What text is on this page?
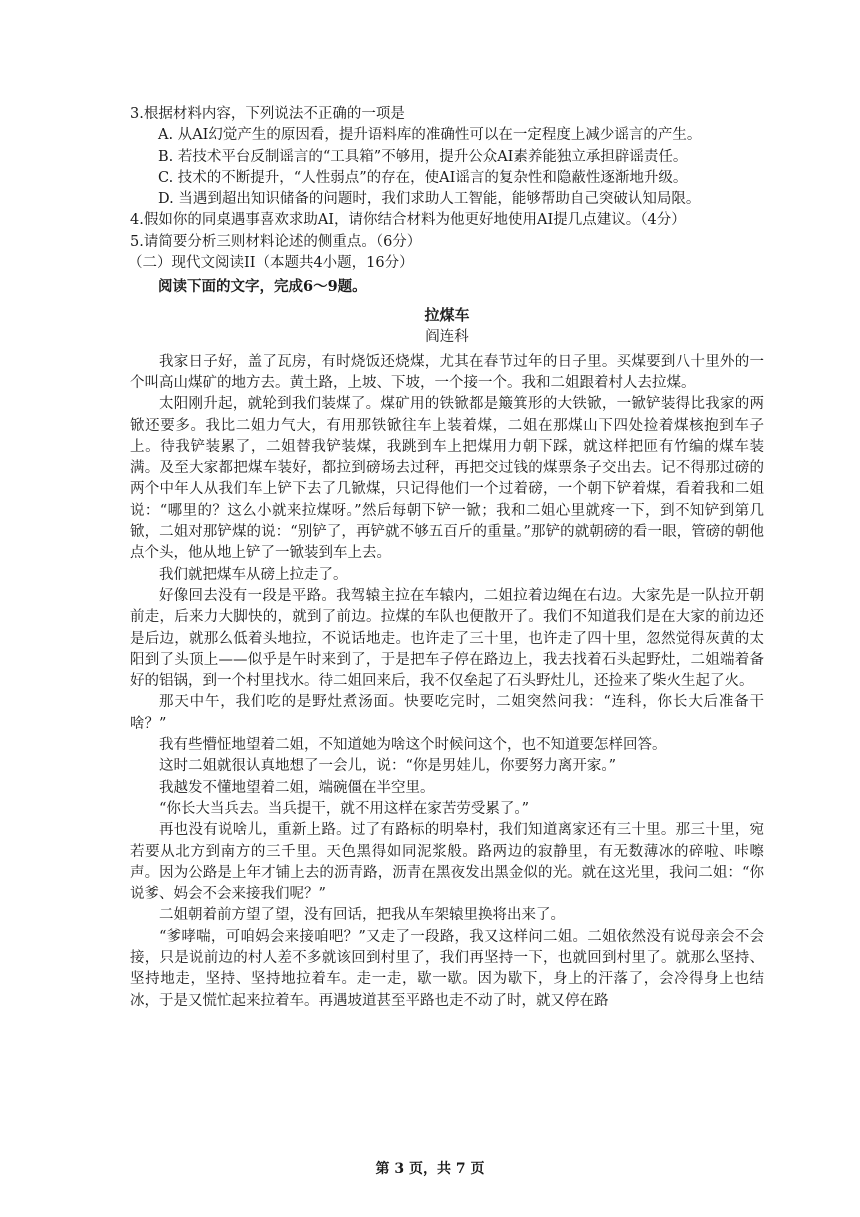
3.根据材料内容，下列说法不正确的一项是

A. 从AI幻觉产生的原因看，提升语料库的准确性可以在一定程度上减少谣言的产生。

B. 若技术平台反制谣言的“工具箱”不够用，提升公众AI素养能独立承担辟谣责任。

C. 技术的不断提升，“人性弱点”的存在，使AI谣言的复杂性和隐蔽性逐渐地升级。

D. 当遇到超出知识储备的问题时，我们求助人工智能，能够帮助自己突破认知局限。

4.假如你的同桌遇事喜欢求助AI，请你结合材料为他更好地使用AI提几点建议。（4分）

5.请简要分析三则材料论述的侧重点。（6分）

（二）现代文阅读II（本题共4小题，16分）

阅读下面的文字，完成6～9题。

拉煤车

阎连科

我家日子好，盖了瓦房，有时烧饭还烧煤，尤其在春节过年的日子里。买煤要到八十里外的一个叫高山煤矿的地方去。黄土路，上坡、下坡，一个接一个。我和二姐跟着村人去拉煤。

太阳刚升起，就轮到我们装煤了。煤矿用的铁锨都是簸箕形的大铁锨，一锨铲装得比我家的两锨还要多。我比二姐力气大，有用那铁锨往车上装着煤，二姐在那煤山下四处捡着煤核抱到车子上。待我铲装累了，二姐替我铲装煤，我跳到车上把煤用力朝下踩，就这样把匝有竹编的煤车装满。及至大家都把煤车装好，都拉到磅场去过秤，再把交过钱的煤票条子交出去。记不得那过磅的两个中年人从我们车上铲下去了几锨煤，只记得他们一个过着磅，一个朝下铲着煤，看着我和二姐说：“哪里的？这么小就来拉煤呀。”然后每朝下铲一锨；我和二姐心里就疼一下，到不知铲到第几锨，二姐对那铲煤的说：“别铲了，再铲就不够五百斤的重量。”那铲的就朝磅的看一眼，管磅的朝他点个头，他从地上铲了一锨装到车上去。

我们就把煤车从磅上拉走了。

好像回去没有一段是平路。我驾辕主拉在车辕内，二姐拉着边绳在右边。大家先是一队拉开朝前走，后来力大脚快的，就到了前边。拉煤的车队也便散开了。我们不知道我们是在大家的前边还是后边，就那么低着头地拉，不说话地走。也许走了三十里，也许走了四十里，忽然觉得灰黄的太阳到了头顶上——似乎是午时来到了，于是把车子停在路边上，我去找着石头起野灶，二姐端着备好的铝锅，到一个村里找水。待二姐回来后，我不仅垒起了石头野灶儿，还捡来了柴火生起了火。

那天中午，我们吃的是野灶煮汤面。快要吃完时，二姐突然问我：“连科，你长大后准备干啥？”

我有些懵怔地望着二姐，不知道她为啥这个时候问这个，也不知道要怎样回答。

这时二姐就很认真地想了一会儿，说：“你是男娃儿，你要努力离开家。”

我越发不懂地望着二姐，端碗僵在半空里。

“你长大当兵去。当兵提干，就不用这样在家苦劳受累了。”

再也没有说啥儿，重新上路。过了有路标的明皋村，我们知道离家还有三十里。那三十里，宛若要从北方到南方的三千里。天色黑得如同泥浆般。路两边的寂静里，有无数薄冰的碎啦、咔嚓声。因为公路是上年才铺上去的沥青路，沥青在黑夜发出黑金似的光。就在这光里，我问二姐：“你说爹、妈会不会来接我们呢？”

二姐朝着前方望了望，没有回话，把我从车架辕里换将出来了。

“爹哮喘，可咱妈会来接咱吧？”又走了一段路，我又这样问二姐。二姐依然没有说母亲会不会接，只是说前边的村人差不多就该回到村里了，我们再坚持一下，也就回到村里了。就那么坚持、坚持地走，坚持、坚持地拉着车。走一走，歇一歇。因为歇下，身上的汗落了，会冷得身上也结冰，于是又慌忙起来拉着车。再遇坡道甚至平路也走不动了时，就又停在路

第 3 页，共 7 页
